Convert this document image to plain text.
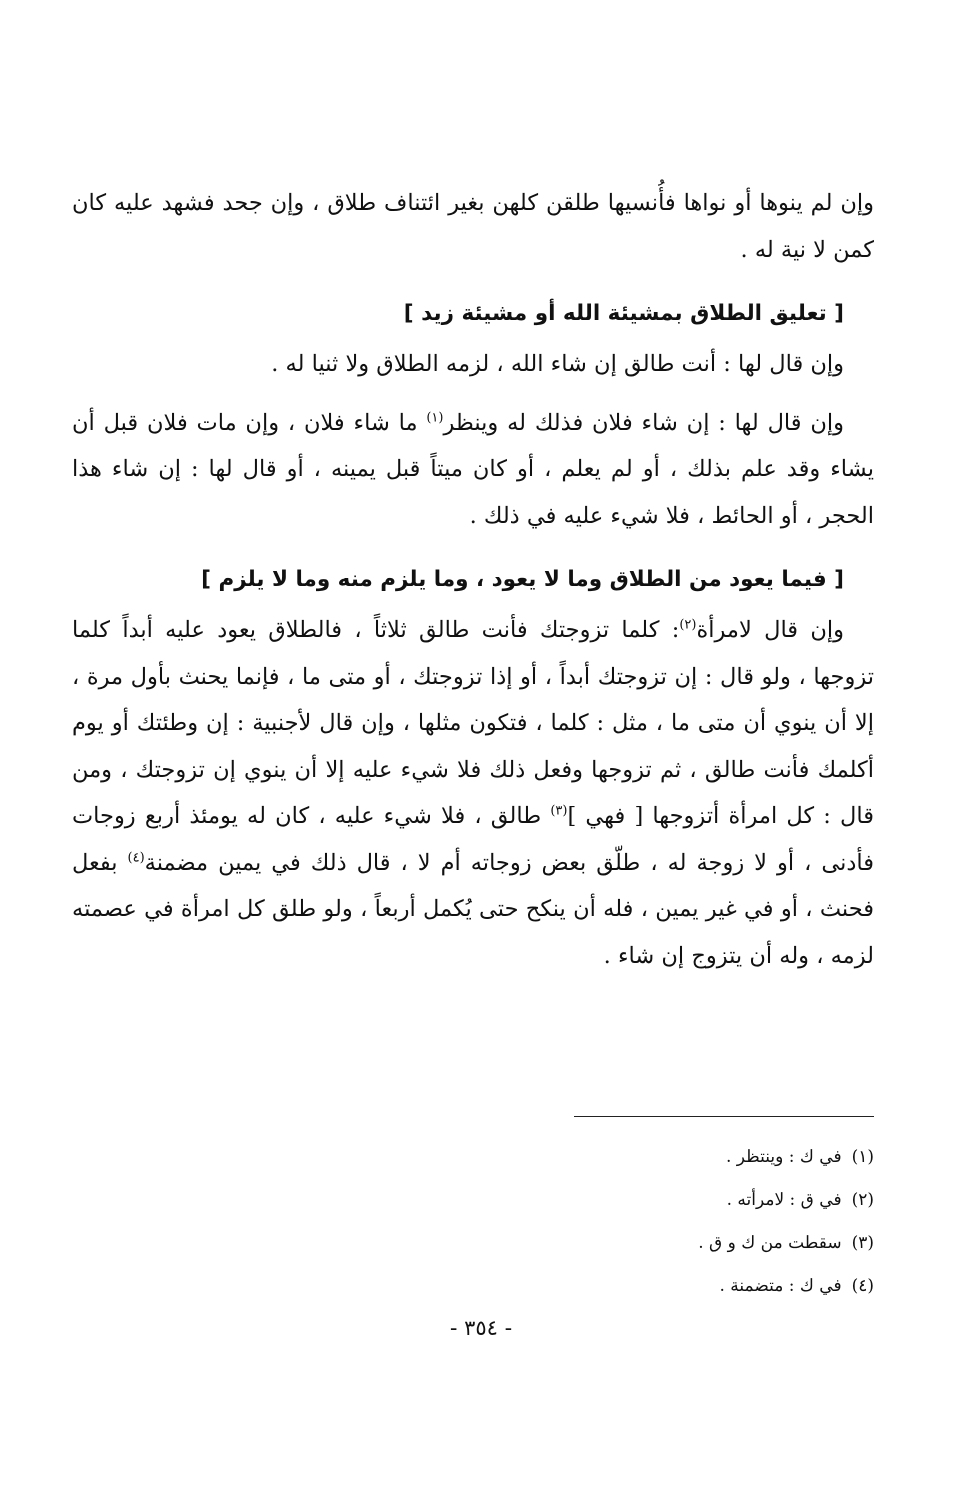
وإن لم ينوها أو نواها فأُنسيها طلقن كلهن بغير ائتناف طلاق ، وإن جحد فشهد عليه كان كمن لا نية له .

[ تعليق الطلاق بمشيئة الله أو مشيئة زيد ]

وإن قال لها : أنت طالق إن شاء الله ، لزمه الطلاق ولا ثنيا له .

وإن قال لها : إن شاء فلان فذلك له وينظر$^{(١)}$ ما شاء فلان ، وإن مات فلان قبل أن يشاء وقد علم بذلك ، أو لم يعلم ، أو كان ميتاً قبل يمينه ، أو قال لها : إن شاء هذا الحجر ، أو الحائط ، فلا شيء عليه في ذلك .

[ فيما يعود من الطلاق وما لا يعود ، وما يلزم منه وما لا يلزم ]

وإن قال لامرأة$^{(٢)}$: كلما تزوجتك فأنت طالق ثلاثاً ، فالطلاق يعود عليه أبداً كلما تزوجها ، ولو قال : إن تزوجتك أبداً ، أو إذا تزوجتك ، أو متى ما ، فإنما يحنث بأول مرة ، إلا أن ينوي أن متى ما ، مثل : كلما ، فتكون مثلها ، وإن قال لأجنبية : إن وطئتك أو يوم أكلمك فأنت طالق ، ثم تزوجها وفعل ذلك فلا شيء عليه إلا أن ينوي إن تزوجتك ، ومن قال : كل امرأة أتزوجها [ فهي ]$^{(٣)}$ طالق ، فلا شيء عليه ، كان له يومئذ أربع زوجات فأدنى ، أو لا زوجة له ، طلّق بعض زوجاته أم لا ، قال ذلك في يمين مضمنة$^{(٤)}$ بفعل فحنث ، أو في غير يمين ، فله أن ينكح حتى يُكمل أربعاً ، ولو طلق كل امرأة في عصمته لزمه ، وله أن يتزوج إن شاء .

(١)في ك : وينتظر .
(٢)في ق : لامرأته .
(٣)سقطت من ك و ق .
(٤)في ك : متضمنة .
- ٣٥٤ -
